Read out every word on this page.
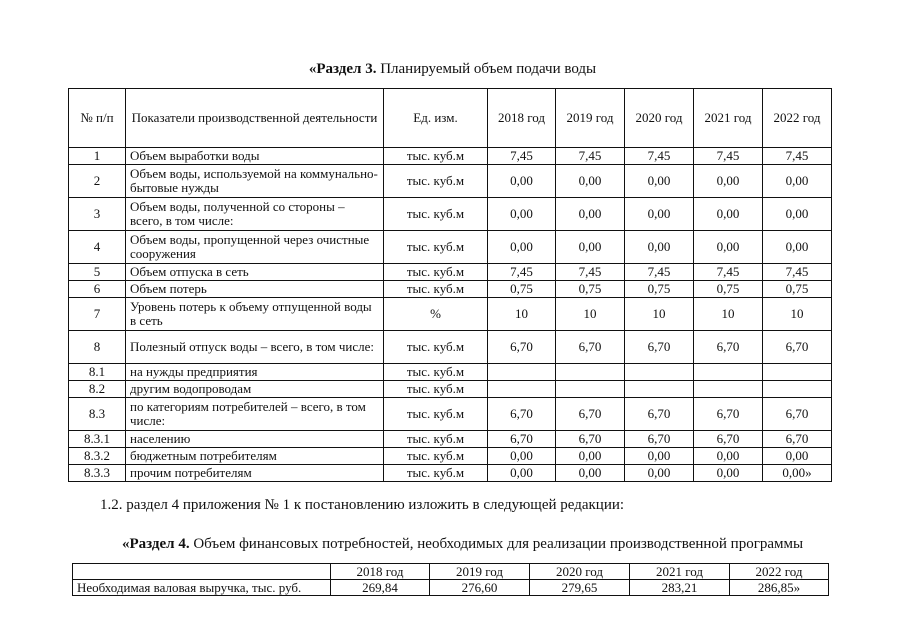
«Раздел 3. Планируемый объем подачи воды
№ п/п	Показатели производственной деятельности	Ед. изм.	2018 год	2019 год	2020 год	2021 год	2022 год
1	Объем выработки воды	тыс. куб.м	7,45	7,45	7,45	7,45	7,45
2	Объем воды, используемой на коммунально-бытовые нужды	тыс. куб.м	0,00	0,00	0,00	0,00	0,00
3	Объем воды, полученной со стороны – всего, в том числе:	тыс. куб.м	0,00	0,00	0,00	0,00	0,00
4	Объем воды, пропущенной через очистные сооружения	тыс. куб.м	0,00	0,00	0,00	0,00	0,00
5	Объем отпуска в сеть	тыс. куб.м	7,45	7,45	7,45	7,45	7,45
6	Объем потерь	тыс. куб.м	0,75	0,75	0,75	0,75	0,75
7	Уровень потерь к объему отпущенной воды в сеть	%	10	10	10	10	10
8	Полезный отпуск воды – всего, в том числе:	тыс. куб.м	6,70	6,70	6,70	6,70	6,70
8.1	на нужды предприятия	тыс. куб.м					
8.2	другим водопроводам	тыс. куб.м					
8.3	по категориям потребителей – всего, в том числе:	тыс. куб.м	6,70	6,70	6,70	6,70	6,70
8.3.1	населению	тыс. куб.м	6,70	6,70	6,70	6,70	6,70
8.3.2	бюджетным потребителям	тыс. куб.м	0,00	0,00	0,00	0,00	0,00
8.3.3	прочим потребителям	тыс. куб.м	0,00	0,00	0,00	0,00	0,00»
1.2. раздел 4 приложения № 1 к постановлению изложить в следующей редакции:
«Раздел 4. Объем финансовых потребностей, необходимых для реализации производственной программы
	2018 год	2019 год	2020 год	2021 год	2022 год
Необходимая валовая выручка, тыс. руб.	269,84	276,60	279,65	283,21	286,85»
